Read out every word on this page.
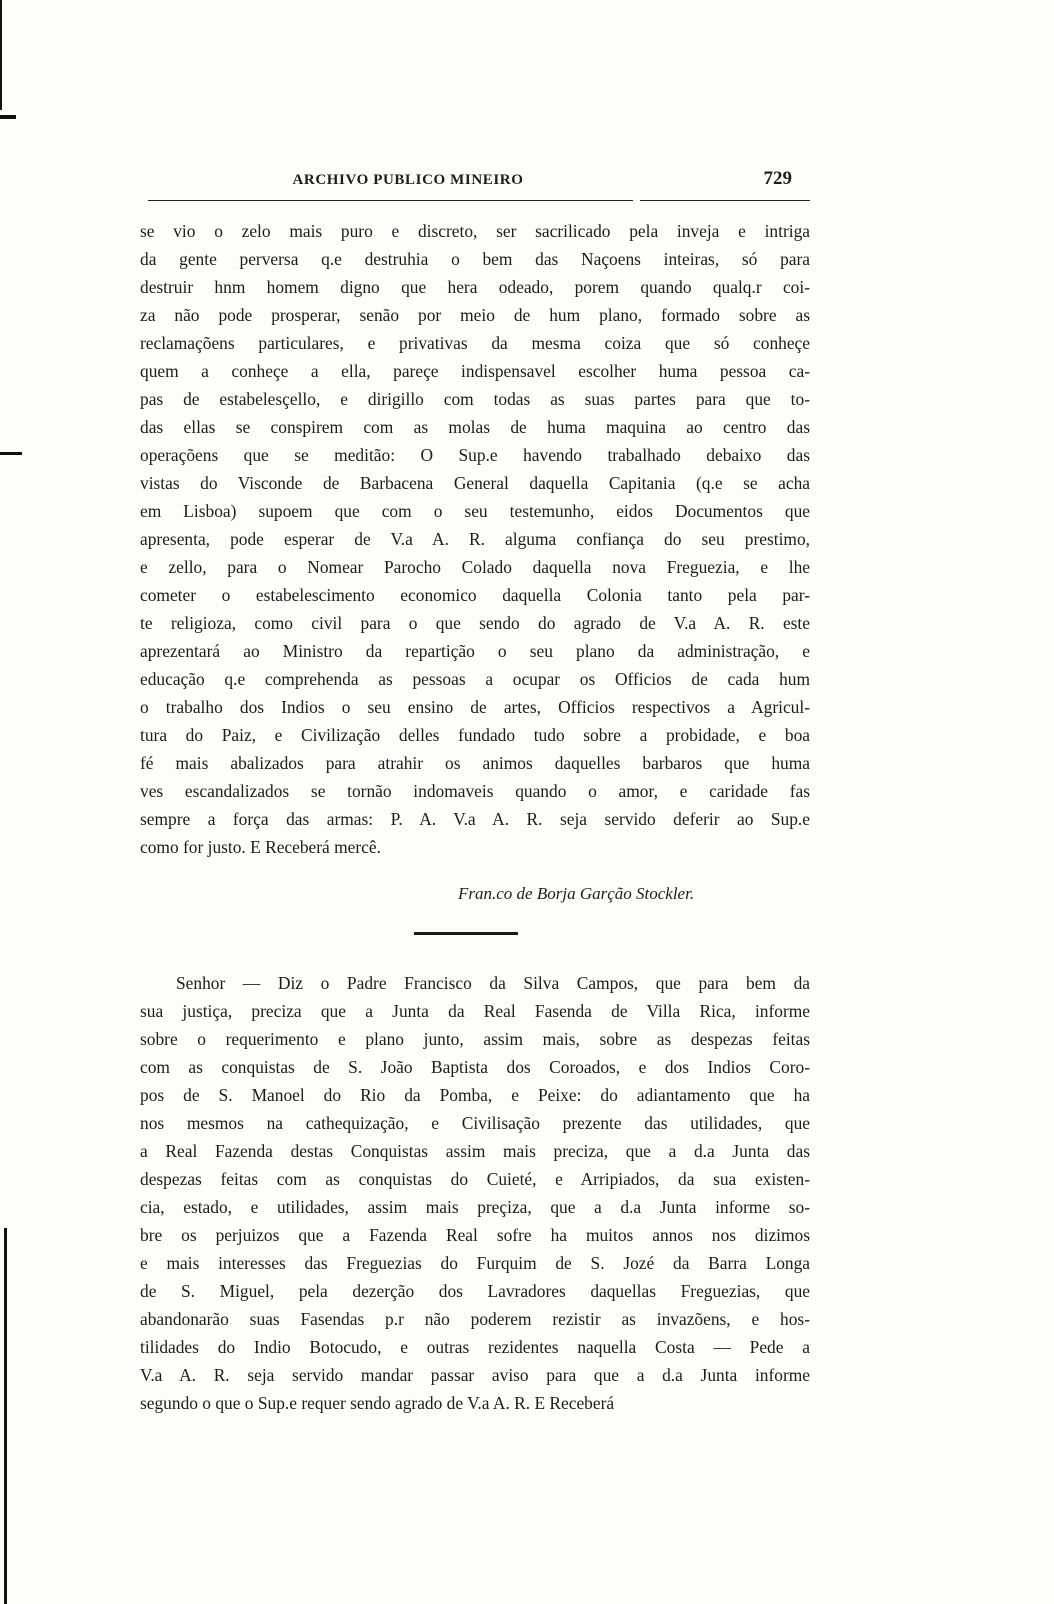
ARCHIVO PUBLICO MINEIRO	729
se vio o zelo mais puro e discreto, ser sacrilicado pela inveja e intriga
da gente perversa q.e destruhia o bem das Naçoens inteiras, só para
destruir hnm homem digno que hera odeado, porem quando qualq.r coi-
za não pode prosperar, senão por meio de hum plano, formado sobre as
reclamaçõens particulares, e privativas da mesma coiza que só conheçe
quem a conheçe a ella, pareçe indispensavel escolher huma pessoa ca-
pas de estabelesçello, e dirigillo com todas as suas partes para que to-
das ellas se conspirem com as molas de huma maquina ao centro das
operaçõens que se meditão: O Sup.e havendo trabalhado debaixo das
vistas do Visconde de Barbacena General daquella Capitania (q.e se acha
em Lisboa) supoem que com o seu testemunho, eidos Documentos que
apresenta, pode esperar de V.a A. R. alguma confiança do seu prestimo,
e zello, para o Nomear Parocho Colado daquella nova Freguezia, e lhe
cometer o estabelescimento economico daquella Colonia tanto pela par-
te religioza, como civil para o que sendo do agrado de V.a A. R. este
aprezentará ao Ministro da repartição o seu plano da administração, e
educação q.e comprehenda as pessoas a ocupar os Officios de cada hum
o trabalho dos Indios o seu ensino de artes, Officios respectivos a Agricul-
tura do Paiz, e Civilização delles fundado tudo sobre a probidade, e boa
fé mais abalizados para atrahir os animos daquelles barbaros que huma
ves escandalizados se tornão indomaveis quando o amor, e caridade fas
sempre a força das armas: P. A. V.a A. R. seja servido deferir ao Sup.e
como for justo. E Receberá mercê.
Fran.co de Borja Garção Stockler.
Senhor — Diz o Padre Francisco da Silva Campos, que para bem da
sua justiça, preciza que a Junta da Real Fasenda de Villa Rica, informe
sobre o requerimento e plano junto, assim mais, sobre as despezas feitas
com as conquistas de S. João Baptista dos Coroados, e dos Indios Coro-
pos de S. Manoel do Rio da Pomba, e Peixe: do adiantamento que ha
nos mesmos na cathequização, e Civilisação prezente das utilidades, que
a Real Fazenda destas Conquistas assim mais preciza, que a d.a Junta das
despezas feitas com as conquistas do Cuieté, e Arripiados, da sua existen-
cia, estado, e utilidades, assim mais preçiza, que a d.a Junta informe so-
bre os perjuizos que a Fazenda Real sofre ha muitos annos nos dizimos
e mais interesses das Freguezias do Furquim de S. Jozé da Barra Longa
de S. Miguel, pela dezerção dos Lavradores daquellas Freguezias, que
abandonarão suas Fasendas p.r não poderem rezistir as invazõens, e hos-
tilidades do Indio Botocudo, e outras rezidentes naquella Costa — Pede a
V.a A. R. seja servido mandar passar aviso para que a d.a Junta informe
segundo o que o Sup.e requer sendo agrado de V.a A. R. E Receberá
